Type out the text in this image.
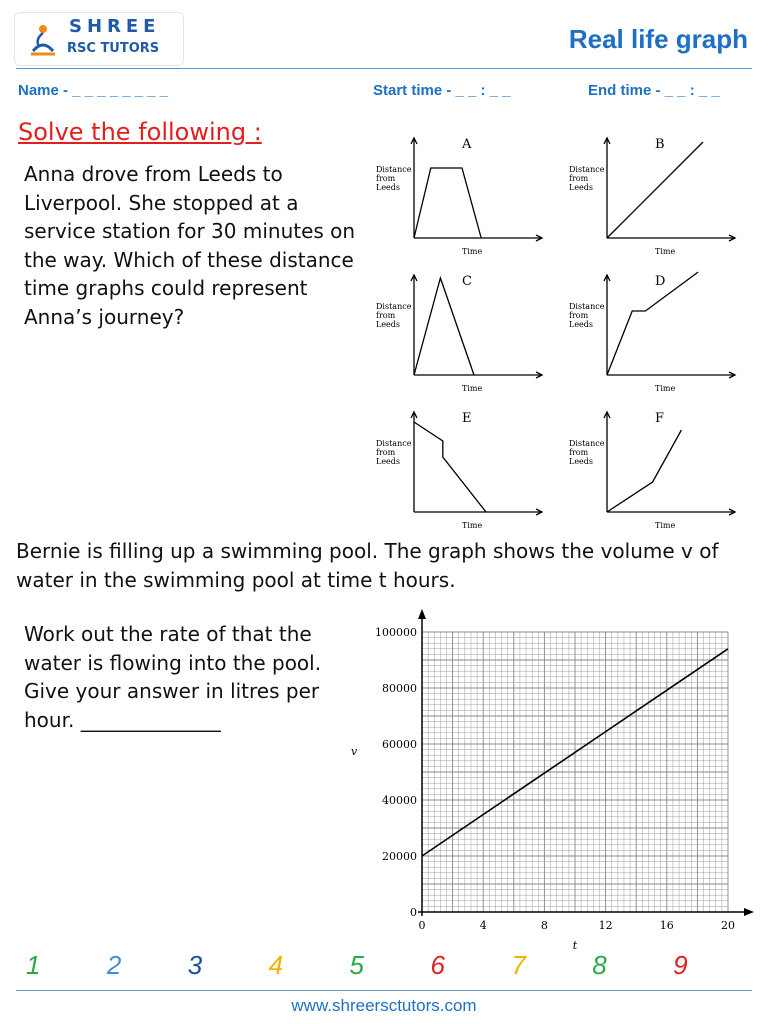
SHREE
RSC TUTORS	Real life graph
Name - _ _ _ _ _ _ _ _	Start time - _ _ : _ _	End time - _ _ : _ _
Solve the following :
Anna drove from Leeds to Liverpool. She stopped at a service station for 30 minutes on the way. Which of these distance time graphs could represent Anna’s journey?
Distance
from
Leeds
Time
A
Distance
from
Leeds
Time
B
Distance
from
Leeds
Time
C
Distance
from
Leeds
Time
D
Distance
from
Leeds
Time
E
Distance
from
Leeds
Time
F
Bernie is filling up a swimming pool. The graph shows the volume v of water in the swimming pool at time t hours.
Work out the rate of that the water is flowing into the pool. Give your answer in litres per hour. ______________
0	4	8	12	16	20
0
20000
40000
60000
80000
100000
t
v
1	2	3	4	5	6	7	8	9
www.shreersctutors.com
